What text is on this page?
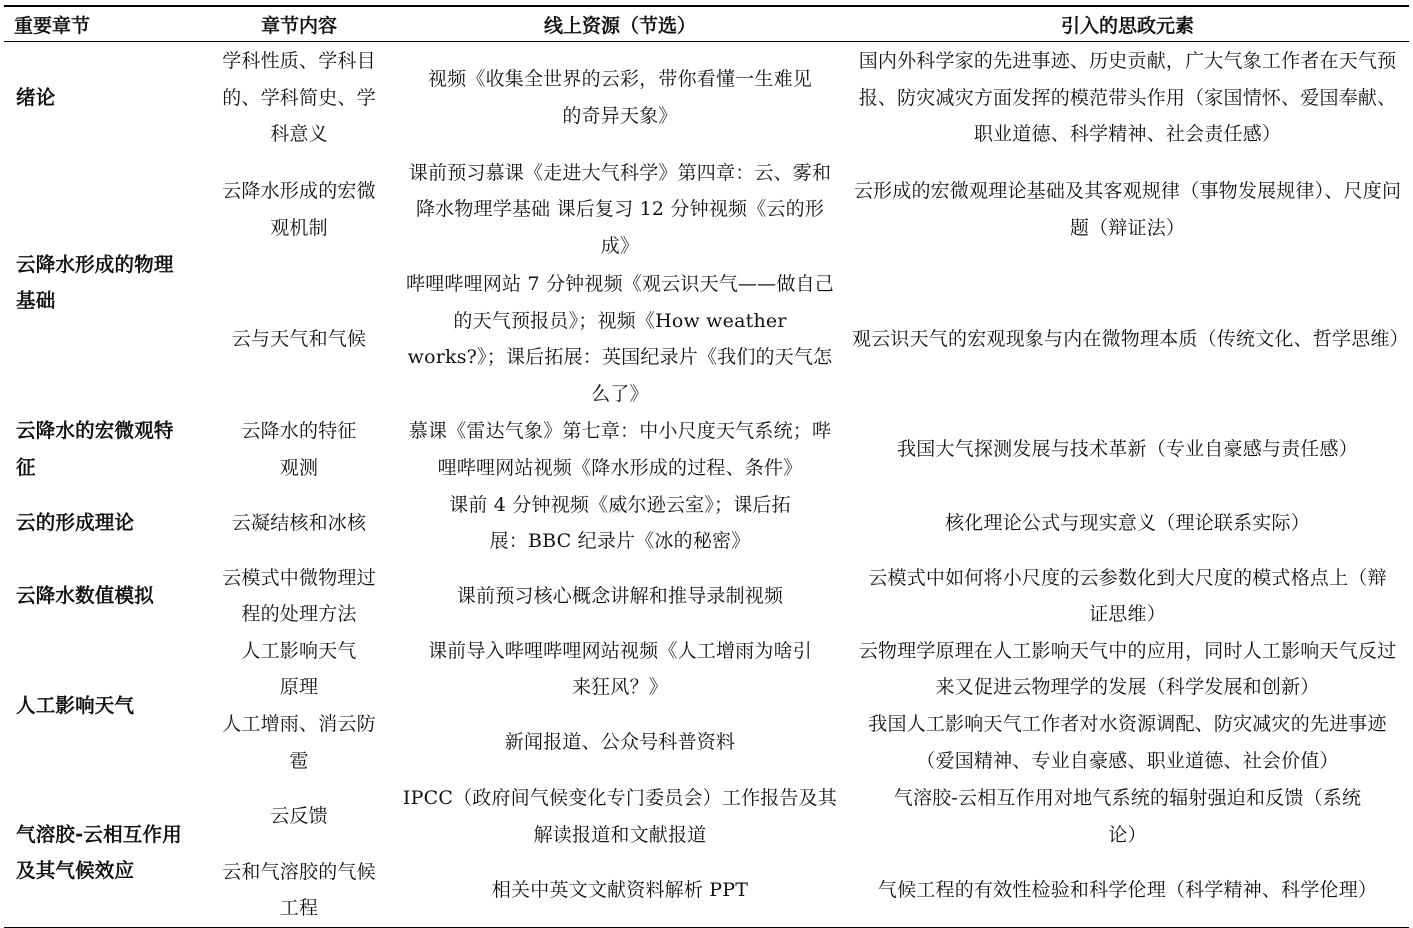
重要章节	章节内容	线上资源（节选）	引入的思政元素
绪论	学科性质、学科目的、学科简史、学科意义	视频《收集全世界的云彩，带你看懂一生难见的奇异天象》	国内外科学家的先进事迹、历史贡献，广大气象工作者在天气预报、防灾减灾方面发挥的模范带头作用（家国情怀、爱国奉献、职业道德、科学精神、社会责任感）
云降水形成的物理基础	云降水形成的宏微观机制	课前预习慕课《走进大气科学》第四章：云、雾和降水物理学基础 课后复习 12 分钟视频《云的形成》	云形成的宏微观理论基础及其客观规律（事物发展规律）、尺度问题（辩证法）
	云与天气和气候	哔哩哔哩网站 7 分钟视频《观云识天气——做自己的天气预报员》；视频《How weather works?》；课后拓展：英国纪录片《我们的天气怎么了》	观云识天气的宏观现象与内在微物理本质（传统文化、哲学思维）
云降水的宏微观特征	云降水的特征观测	慕课《雷达气象》第七章：中小尺度天气系统；哔哩哔哩网站视频《降水形成的过程、条件》	我国大气探测发展与技术革新（专业自豪感与责任感）
云的形成理论	云凝结核和冰核	课前 4 分钟视频《威尔逊云室》；课后拓展：BBC 纪录片《冰的秘密》	核化理论公式与现实意义（理论联系实际）
云降水数值模拟	云模式中微物理过程的处理方法	课前预习核心概念讲解和推导录制视频	云模式中如何将小尺度的云参数化到大尺度的模式格点上（辩证思维）
人工影响天气	人工影响天气原理	课前导入哔哩哔哩网站视频《人工增雨为啥引来狂风？》	云物理学原理在人工影响天气中的应用，同时人工影响天气反过来又促进云物理学的发展（科学发展和创新）
	人工增雨、消云防雹	新闻报道、公众号科普资料	我国人工影响天气工作者对水资源调配、防灾减灾的先进事迹（爱国精神、专业自豪感、职业道德、社会价值）
气溶胶-云相互作用及其气候效应	云反馈	IPCC（政府间气候变化专门委员会）工作报告及其解读报道和文献报道	气溶胶-云相互作用对地气系统的辐射强迫和反馈（系统论）
	云和气溶胶的气候工程	相关中英文文献资料解析 PPT	气候工程的有效性检验和科学伦理（科学精神、科学伦理）
